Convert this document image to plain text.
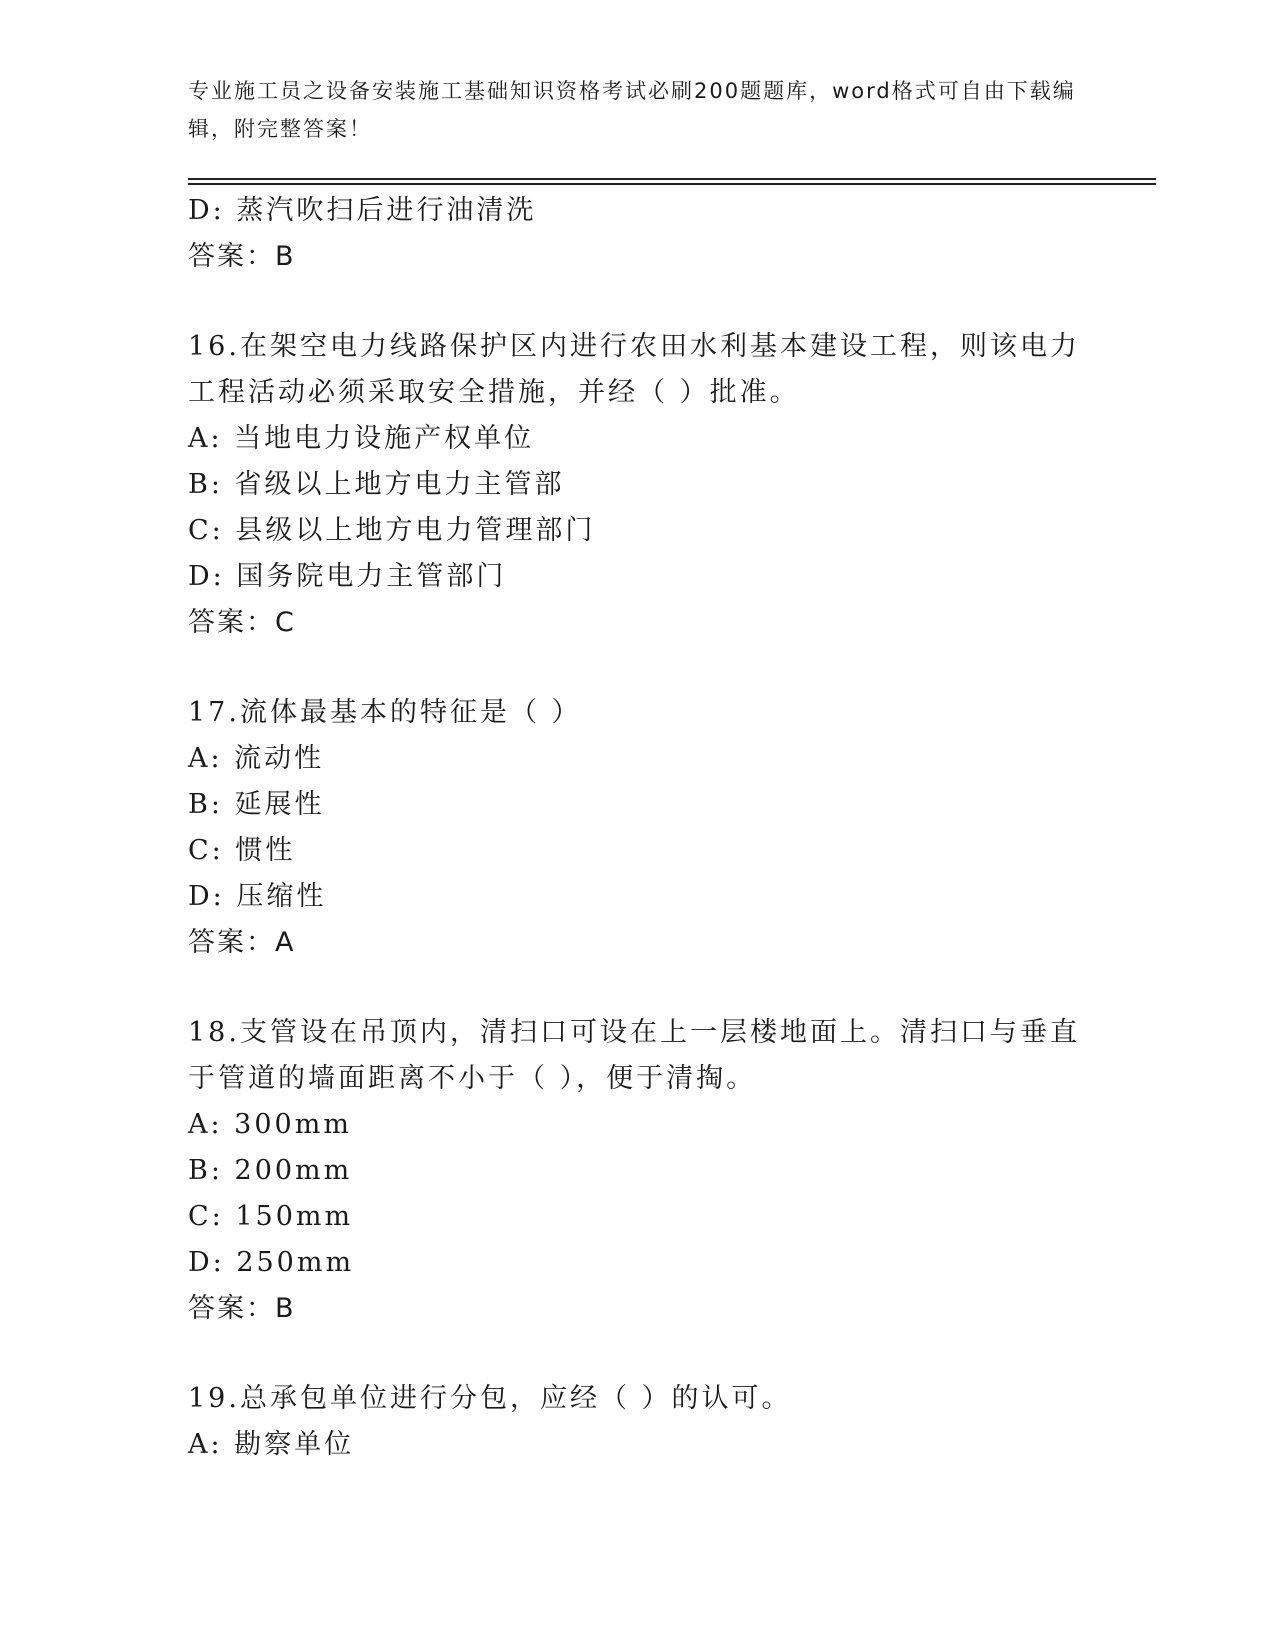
专业施工员之设备安装施工基础知识资格考试必刷200题题库，word格式可自由下载编辑，附完整答案！
D: 蒸汽吹扫后进行油清洗
答案：B
16.在架空电力线路保护区内进行农田水利基本建设工程，则该电力工程活动必须采取安全措施，并经（ ）批准。
A: 当地电力设施产权单位
B: 省级以上地方电力主管部
C: 县级以上地方电力管理部门
D: 国务院电力主管部门
答案：C
17.流体最基本的特征是（ ）
A: 流动性
B: 延展性
C: 惯性
D: 压缩性
答案：A
18.支管设在吊顶内，清扫口可设在上一层楼地面上。清扫口与垂直于管道的墙面距离不小于（ ），便于清掏。
A: 300mm
B: 200mm
C: 150mm
D: 250mm
答案：B
19.总承包单位进行分包，应经（ ）的认可。
A: 勘察单位
